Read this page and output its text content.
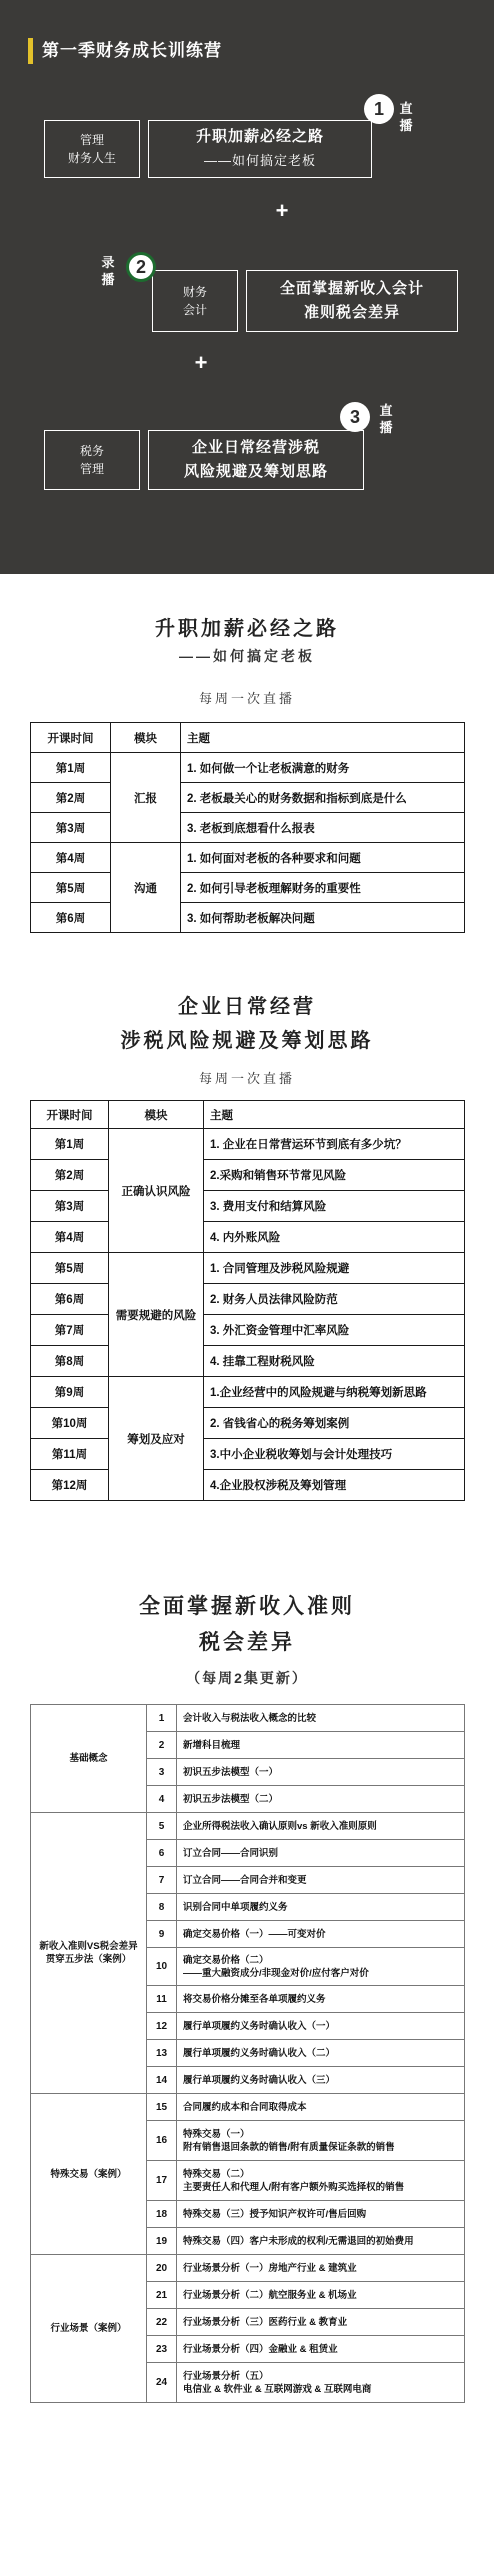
第一季财务成长训练营
管理
财务人生
升职加薪必经之路
——如何搞定老板
1	直播
+
财务
会计
全面掌握新收入会计
准则税会差异
2
录播
+
税务
管理
企业日常经营涉税
风险规避及筹划思路
3	直播
升职加薪必经之路
——如何搞定老板
每周一次直播
开课时间	模块	主题
第1周	汇报	1. 如何做一个让老板满意的财务
第2周		2. 老板最关心的财务数据和指标到底是什么
第3周		3. 老板到底想看什么报表
第4周	沟通	1. 如何面对老板的各种要求和问题
第5周		2. 如何引导老板理解财务的重要性
第6周		3. 如何帮助老板解决问题
企业日常经营
涉税风险规避及筹划思路
每周一次直播
开课时间	模块	主题
第1周	正确认识风险	1. 企业在日常营运环节到底有多少坑？
第2周		2.采购和销售环节常见风险
第3周		3. 费用支付和结算风险
第4周		4. 内外账风险
第5周	需要规避的风险	1. 合同管理及涉税风险规避
第6周		2. 财务人员法律风险防范
第7周		3. 外汇资金管理中汇率风险
第8周		4. 挂靠工程财税风险
第9周	筹划及应对	1.企业经营中的风险规避与纳税筹划新思路
第10周		2. 省钱省心的税务筹划案例
第11周		3.中小企业税收筹划与会计处理技巧
第12周		4.企业股权涉税及筹划管理
全面掌握新收入准则
税会差异
（每周2集更新）
基础概念	1	会计收入与税法收入概念的比较
	2	新增科目梳理
	3	初识五步法模型（一）
	4	初识五步法模型（二）
新收入准则VS税会差异贯穿五步法（案例）	5	企业所得税法收入确认原则vs 新收入准则原则
	6	订立合同——合同识别
	7	订立合同——合同合并和变更
	8	识别合同中单项履约义务
	9	确定交易价格（一）——可变对价
	10	确定交易价格（二）
——重大融资成分/非现金对价/应付客户对价

	11	将交易价格分摊至各单项履约义务
	12	履行单项履约义务时确认收入（一）
	13	履行单项履约义务时确认收入（二）
	14	履行单项履约义务时确认收入（三）
特殊交易（案例）	15	合同履约成本和合同取得成本
	16	特殊交易（一）
附有销售退回条款的销售/附有质量保证条款的销售

	17	特殊交易（二）
主要责任人和代理人/附有客户额外购买选择权的销售

	18	特殊交易（三）授予知识产权许可/售后回购
	19	特殊交易（四）客户未形成的权利/无需退回的初始费用
行业场景（案例）	20	行业场景分析（一）房地产行业 & 建筑业
	21	行业场景分析（二）航空服务业 & 机场业
	22	行业场景分析（三）医药行业 & 教育业
	23	行业场景分析（四）金融业 & 租赁业
	24	行业场景分析（五）
电信业 & 软件业 & 互联网游戏 & 互联网电商
